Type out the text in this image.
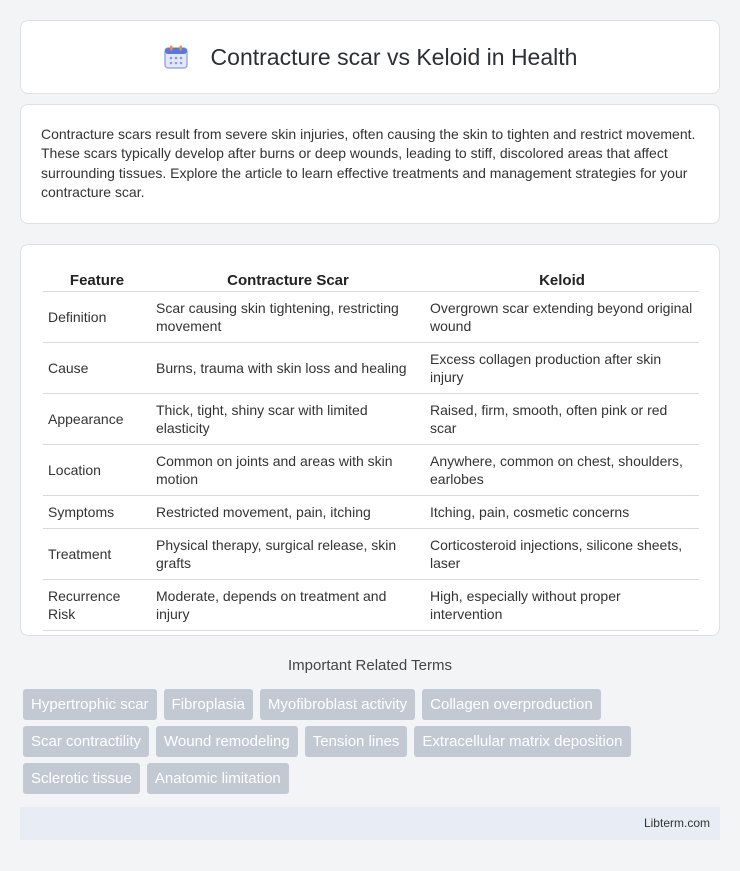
Contracture scar vs Keloid in Health

Contracture scars result from severe skin injuries, often causing the skin to tighten and restrict movement. These scars typically develop after burns or deep wounds, leading to stiff, discolored areas that affect surrounding tissues. Explore the article to learn effective treatments and management strategies for your contracture scar.

Feature	Contracture Scar	Keloid
Definition	Scar causing skin tightening, restricting movement	Overgrown scar extending beyond original wound
Cause	Burns, trauma with skin loss and healing	Excess collagen production after skin injury
Appearance	Thick, tight, shiny scar with limited elasticity	Raised, firm, smooth, often pink or red scar
Location	Common on joints and areas with skin motion	Anywhere, common on chest, shoulders, earlobes
Symptoms	Restricted movement, pain, itching	Itching, pain, cosmetic concerns
Treatment	Physical therapy, surgical release, skin grafts	Corticosteroid injections, silicone sheets, laser
Recurrence Risk	Moderate, depends on treatment and injury	High, especially without proper intervention
Important Related Terms
Hypertrophic scar	Fibroplasia	Myofibroblast activity	Collagen overproduction
Scar contractility	Wound remodeling	Tension lines	Extracellular matrix deposition
Sclerotic tissue	Anatomic limitation
Libterm.com
